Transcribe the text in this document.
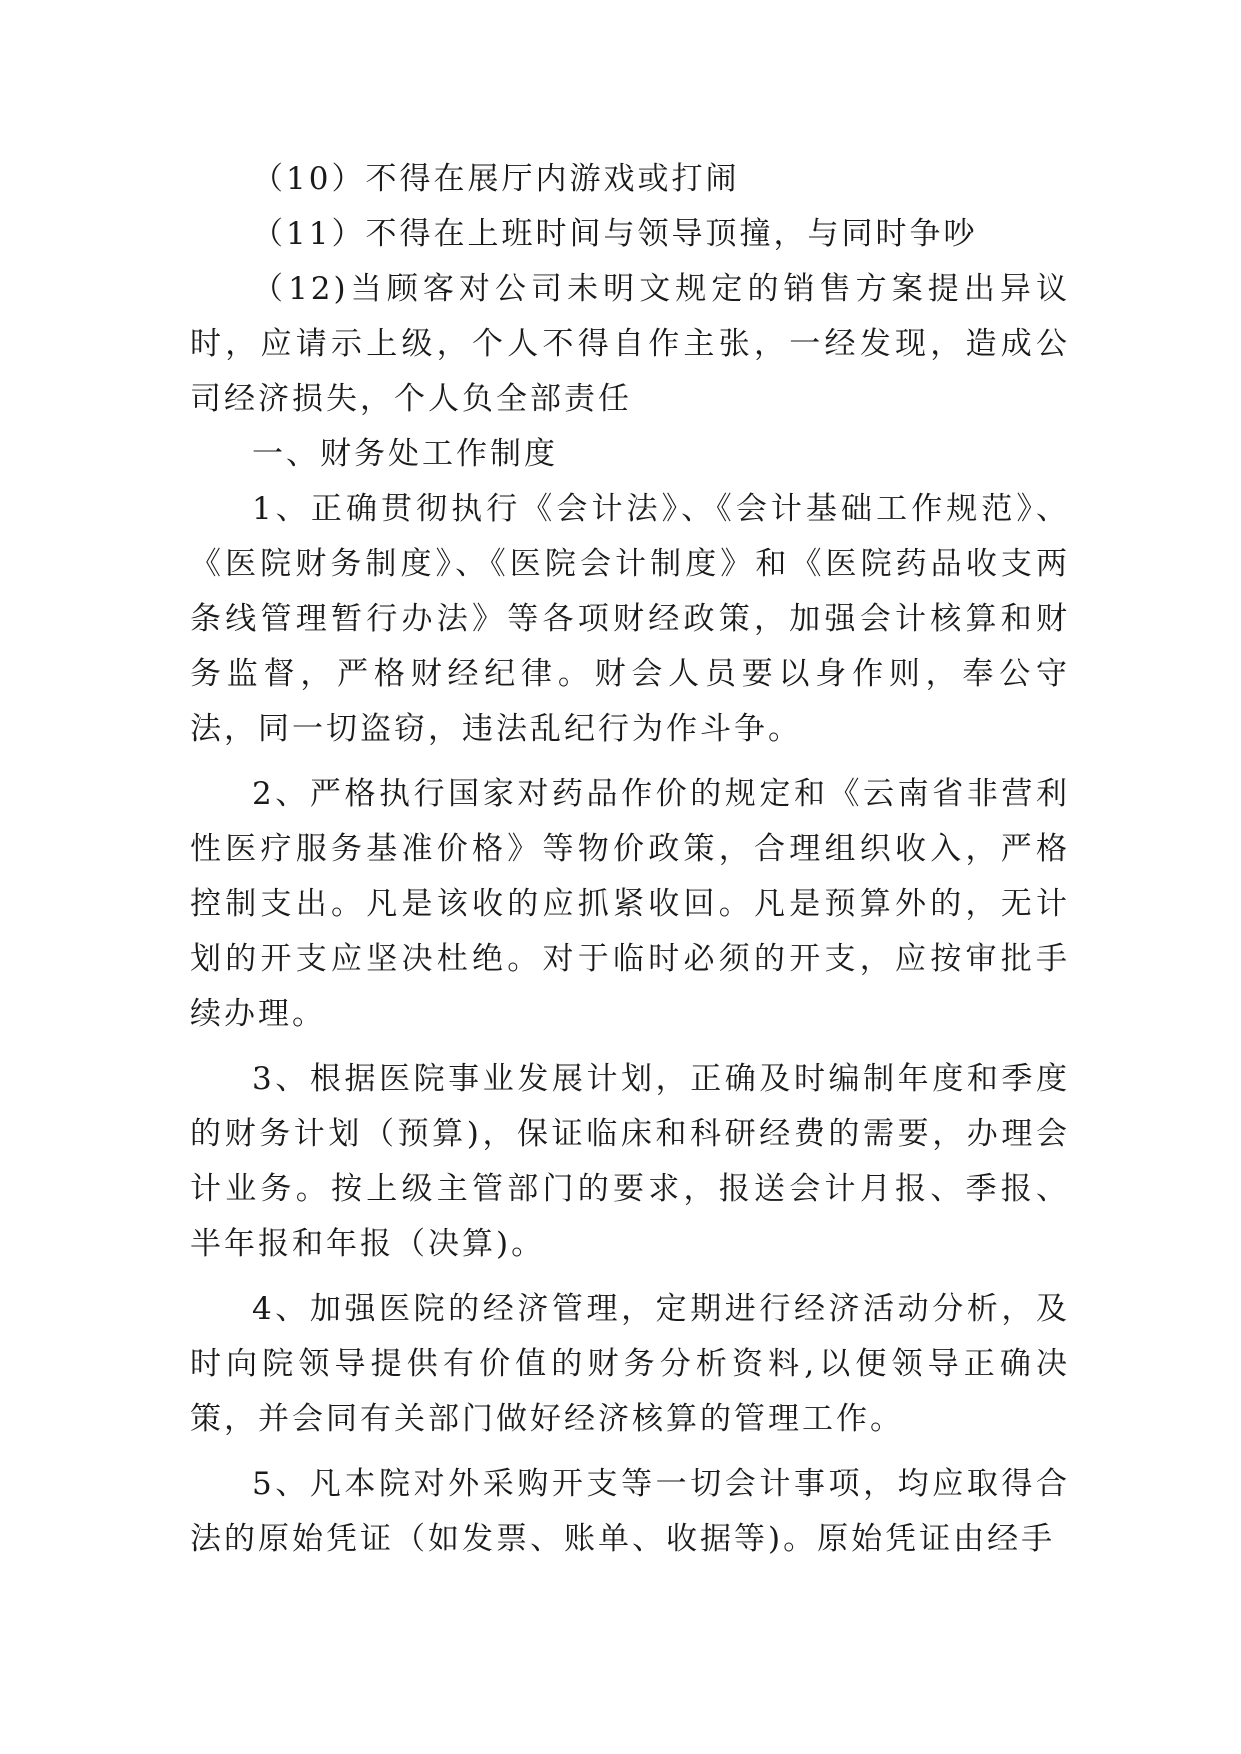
（10）不得在展厅内游戏或打闹

（11）不得在上班时间与领导顶撞，与同时争吵

（12)当顾客对公司未明文规定的销售方案提出异议时，应请示上级，个人不得自作主张，一经发现，造成公司经济损失，个人负全部责任

一、财务处工作制度

1、正确贯彻执行《会计法》、《会计基础工作规范》、《医院财务制度》、《医院会计制度》和《医院药品收支两条线管理暂行办法》等各项财经政策，加强会计核算和财务监督，严格财经纪律。财会人员要以身作则，奉公守法，同一切盗窃，违法乱纪行为作斗争。

2、严格执行国家对药品作价的规定和《云南省非营利性医疗服务基准价格》等物价政策，合理组织收入，严格控制支出。凡是该收的应抓紧收回。凡是预算外的，无计划的开支应坚决杜绝。对于临时必须的开支，应按审批手续办理。

3、根据医院事业发展计划，正确及时编制年度和季度的财务计划（预算)，保证临床和科研经费的需要，办理会计业务。按上级主管部门的要求，报送会计月报、季报、半年报和年报（决算)。

4、加强医院的经济管理，定期进行经济活动分析，及时向院领导提供有价值的财务分析资料,以便领导正确决策，并会同有关部门做好经济核算的管理工作。

5、凡本院对外采购开支等一切会计事项，均应取得合法的原始凭证（如发票、账单、收据等)。原始凭证由经手
